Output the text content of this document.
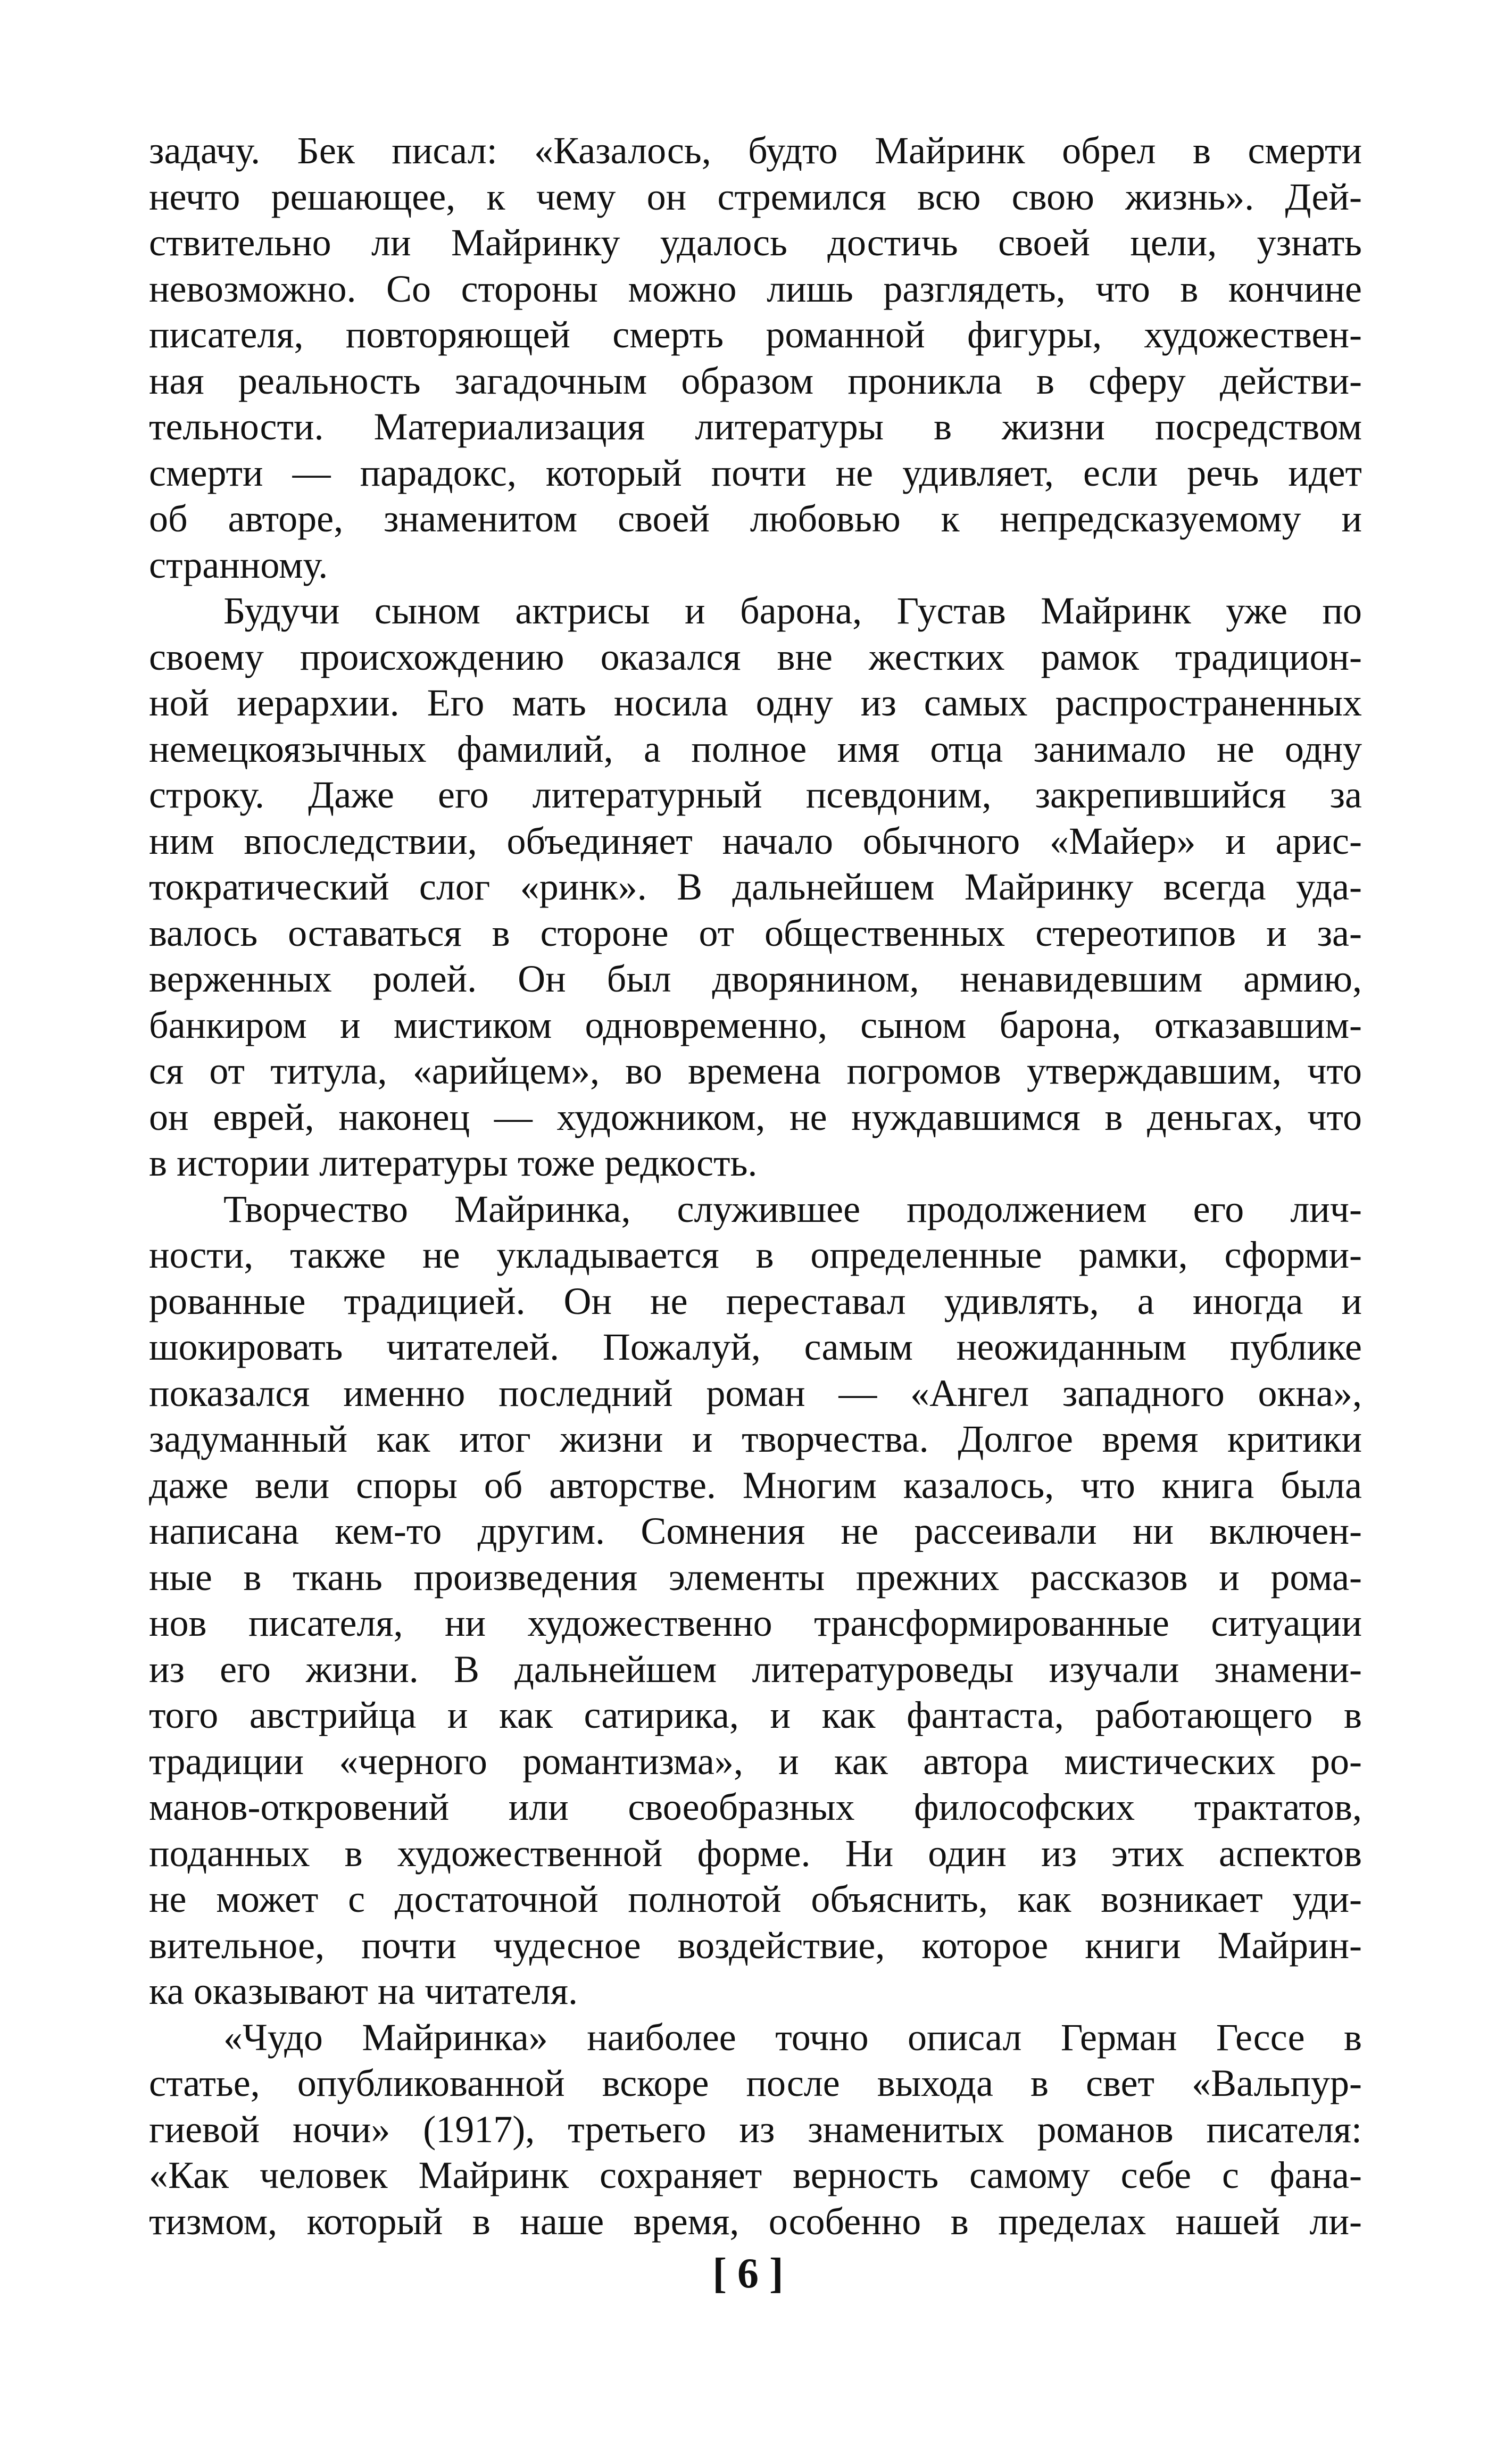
задачу. Бек писал: «Казалось, будто Майринк обрел в смерти
нечто решающее, к чему он стремился всю свою жизнь». Дей-
ствительно ли Майринку удалось достичь своей цели, узнать
невозможно. Со стороны можно лишь разглядеть, что в кончине
писателя, повторяющей смерть романной фигуры, художествен-
ная реальность загадочным образом проникла в сферу действи-
тельности. Материализация литературы в жизни посредством
смерти — парадокс, который почти не удивляет, если речь идет
об авторе, знаменитом своей любовью к непредсказуемому и
странному.
Будучи сыном актрисы и барона, Густав Майринк уже по
своему происхождению оказался вне жестких рамок традицион-
ной иерархии. Его мать носила одну из самых распространенных
немецкоязычных фамилий, а полное имя отца занимало не одну
строку. Даже его литературный псевдоним, закрепившийся за
ним впоследствии, объединяет начало обычного «Майер» и арис-
тократический слог «ринк». В дальнейшем Майринку всегда уда-
валось оставаться в стороне от общественных стереотипов и за-
верженных ролей. Он был дворянином, ненавидевшим армию,
банкиром и мистиком одновременно, сыном барона, отказавшим-
ся от титула, «арийцем», во времена погромов утверждавшим, что
он еврей, наконец — художником, не нуждавшимся в деньгах, что
в истории литературы тоже редкость.
Творчество Майринка, служившее продолжением его лич-
ности, также не укладывается в определенные рамки, сформи-
рованные традицией. Он не переставал удивлять, а иногда и
шокировать читателей. Пожалуй, самым неожиданным публике
показался именно последний роман — «Ангел западного окна»,
задуманный как итог жизни и творчества. Долгое время критики
даже вели споры об авторстве. Многим казалось, что книга была
написана кем-то другим. Сомнения не рассеивали ни включен-
ные в ткань произведения элементы прежних рассказов и рома-
нов писателя, ни художественно трансформированные ситуации
из его жизни. В дальнейшем литературоведы изучали знамени-
того австрийца и как сатирика, и как фантаста, работающего в
традиции «черного романтизма», и как автора мистических ро-
манов-откровений или своеобразных философских трактатов,
поданных в художественной форме. Ни один из этих аспектов
не может с достаточной полнотой объяснить, как возникает уди-
вительное, почти чудесное воздействие, которое книги Майрин-
ка оказывают на читателя.
«Чудо Майринка» наиболее точно описал Герман Гессе в
статье, опубликованной вскоре после выхода в свет «Вальпур-
гиевой ночи» (1917), третьего из знаменитых романов писателя:
«Как человек Майринк сохраняет верность самому себе с фана-
тизмом, который в наше время, особенно в пределах нашей ли-
[ 6 ]
